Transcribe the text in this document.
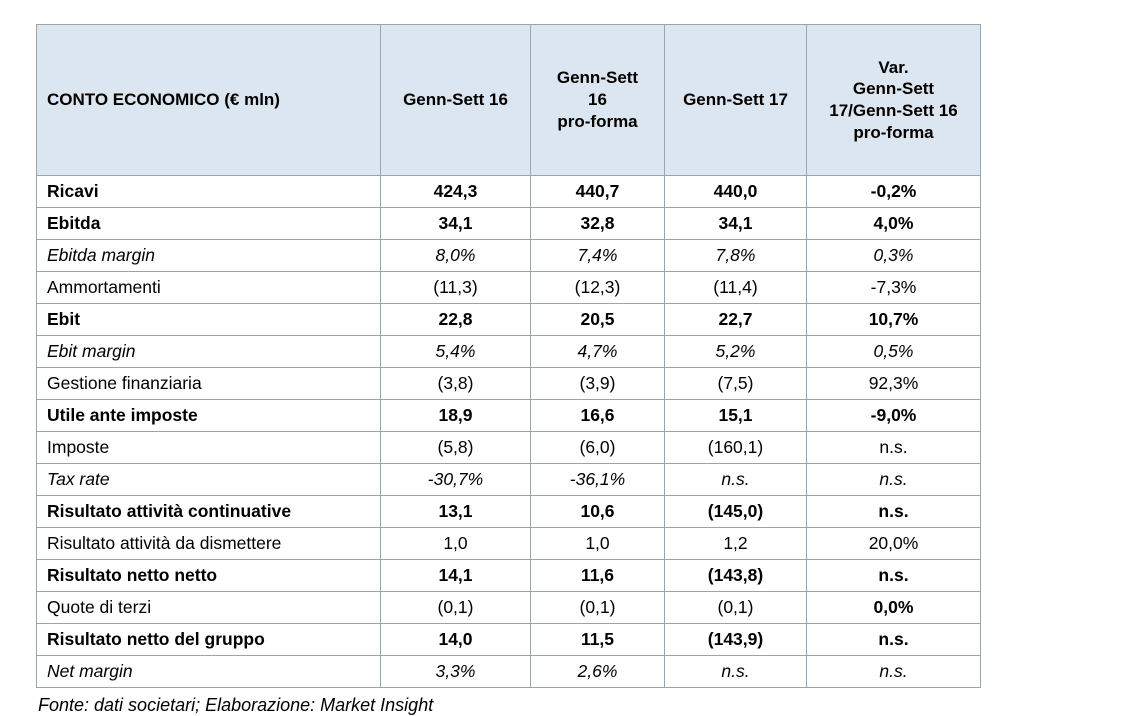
CONTO ECONOMICO (€ mln)	Genn-Sett 16	Genn-Sett
16
pro-forma	Genn-Sett 17	Var.
Genn-Sett
17/Genn-Sett 16
pro-forma

Ricavi	424,3	440,7	440,0	-0,2%
Ebitda	34,1	32,8	34,1	4,0%
Ebitda margin	8,0%	7,4%	7,8%	0,3%
Ammortamenti	(11,3)	(12,3)	(11,4)	-7,3%
Ebit	22,8	20,5	22,7	10,7%
Ebit margin	5,4%	4,7%	5,2%	0,5%
Gestione finanziaria	(3,8)	(3,9)	(7,5)	92,3%
Utile ante imposte	18,9	16,6	15,1	-9,0%
Imposte	(5,8)	(6,0)	(160,1)	n.s.
Tax rate	-30,7%	-36,1%	n.s.	n.s.
Risultato attività continuative	13,1	10,6	(145,0)	n.s.
Risultato attività da dismettere	1,0	1,0	1,2	20,0%
Risultato netto netto	14,1	11,6	(143,8)	n.s.
Quote di terzi	(0,1)	(0,1)	(0,1)	0,0%
Risultato netto del gruppo	14,0	11,5	(143,9)	n.s.
Net margin	3,3%	2,6%	n.s.	n.s.
Fonte: dati societari; Elaborazione: Market Insight
